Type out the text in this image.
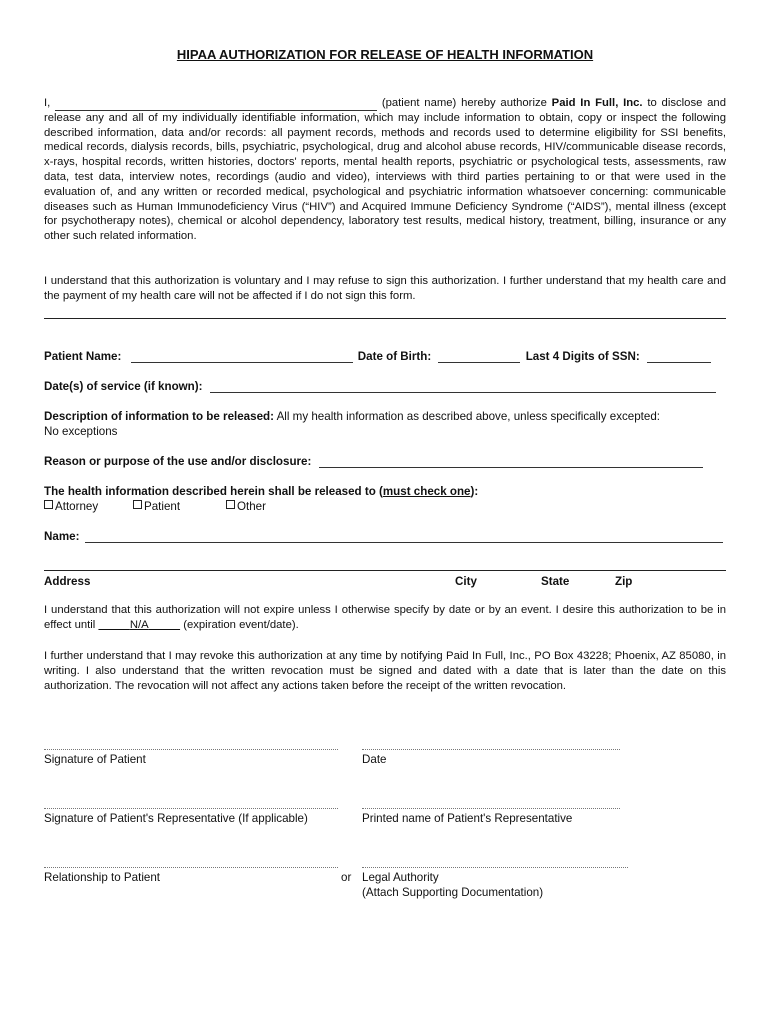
HIPAA AUTHORIZATION FOR RELEASE OF HEALTH INFORMATION
I,	(patient name) hereby authorize Paid In Full, Inc. to disclose and release any and all of my individually identifiable information, which may include information to obtain, copy or inspect the following described information, data and/or records: all payment records, methods and records used to determine eligibility for SSI benefits, medical records, dialysis records, bills, psychiatric, psychological, drug and alcohol abuse records, HIV/communicable disease records, x-rays, hospital records, written histories, doctors' reports, mental health reports, psychiatric or psychological tests, assessments, raw data, test data, interview notes, recordings (audio and video), interviews with third parties pertaining to or that were used in the evaluation of, and any written or recorded medical, psychological and psychiatric information whatsoever concerning: communicable diseases such as Human Immunodeficiency Virus (“HIV”) and Acquired Immune Deficiency Syndrome (“AIDS”), mental illness (except for psychotherapy notes), chemical or alcohol dependency, laboratory test results, medical history, treatment, billing, insurance or any other such related information.
I understand that this authorization is voluntary and I may refuse to sign this authorization. I further understand that my health care and the payment of my health care will not be affected if I do not sign this form.
Patient Name:	Date of Birth:	Last 4 Digits of SSN:
Date(s) of service (if known):
Description of information to be released: All my health information as described above, unless specifically excepted:
No exceptions
Reason or purpose of the use and/or disclosure:
The health information described herein shall be released to (must check one):
Attorney	Patient	Other
Name:
Address	City	State	Zip
I understand that this authorization will not expire unless I otherwise specify by date or by an event. I desire this authorization to be in effect until	N/A	(expiration event/date).
I further understand that I may revoke this authorization at any time by notifying Paid In Full, Inc., PO Box 43228; Phoenix, AZ 85080, in writing. I also understand that the written revocation must be signed and dated with a date that is later than the date on this authorization. The revocation will not affect any actions taken before the receipt of the written revocation.
Signature of Patient	Date
Signature of Patient's Representative (If applicable)	Printed name of Patient's Representative
Relationship to Patient	or Legal Authority
(Attach Supporting Documentation)
